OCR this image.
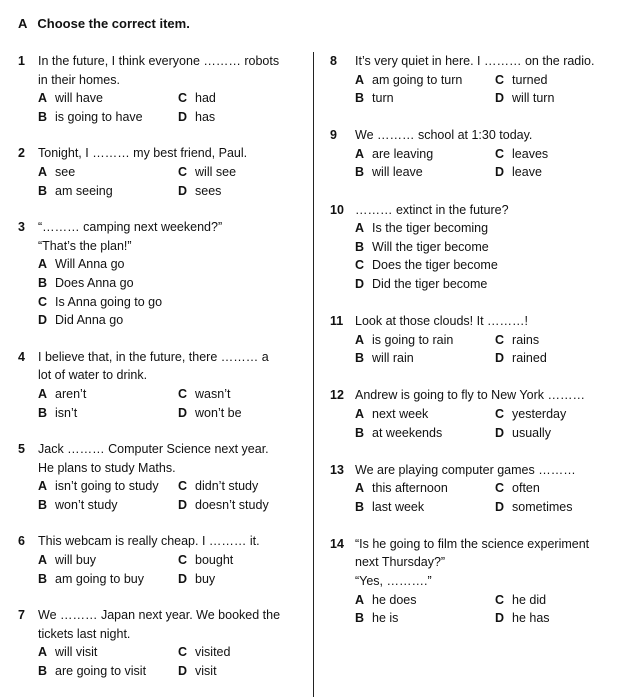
A Choose the correct item.
1 In the future, I think everyone ……… robots
in their homes.
A will have	C had
B is going to have	D has
2 Tonight, I ……… my best friend, Paul.
A see	C will see
B am seeing	D sees
3 “……… camping next weekend?”
“That’s the plan!”
A Will Anna go
B Does Anna go
C Is Anna going to go
D Did Anna go
4 I believe that, in the future, there ……… a
lot of water to drink.
A aren’t	C wasn’t
B isn’t	D won’t be
5 Jack ……… Computer Science next year.
He plans to study Maths.
A isn’t going to study C didn’t study
B won’t study	D doesn’t study
6 This webcam is really cheap. I ……… it.
A will buy	C bought
B am going to buy	D buy
7 We ……… Japan next year. We booked the
tickets last night.
A will visit	C visited
B are going to visit	D visit
8 It’s very quiet in here. I ……… on the radio.
A am going to turn	C turned
B turn	D will turn
9 We ……… school at 1:30 today.
A are leaving	C leaves
B will leave	D leave
10 ……… extinct in the future?
A Is the tiger becoming
B Will the tiger become
C Does the tiger become
D Did the tiger become
11 Look at those clouds! It ………!
A is going to rain	C rains
B will rain	D rained
12 Andrew is going to fly to New York ………
A next week	C yesterday
B at weekends	D usually
13 We are playing computer games ………
A this afternoon	C often
B last week	D sometimes
14 “Is he going to film the science experiment
next Thursday?”
“Yes, ……….”
A he does	C he did
B he is	D he has
